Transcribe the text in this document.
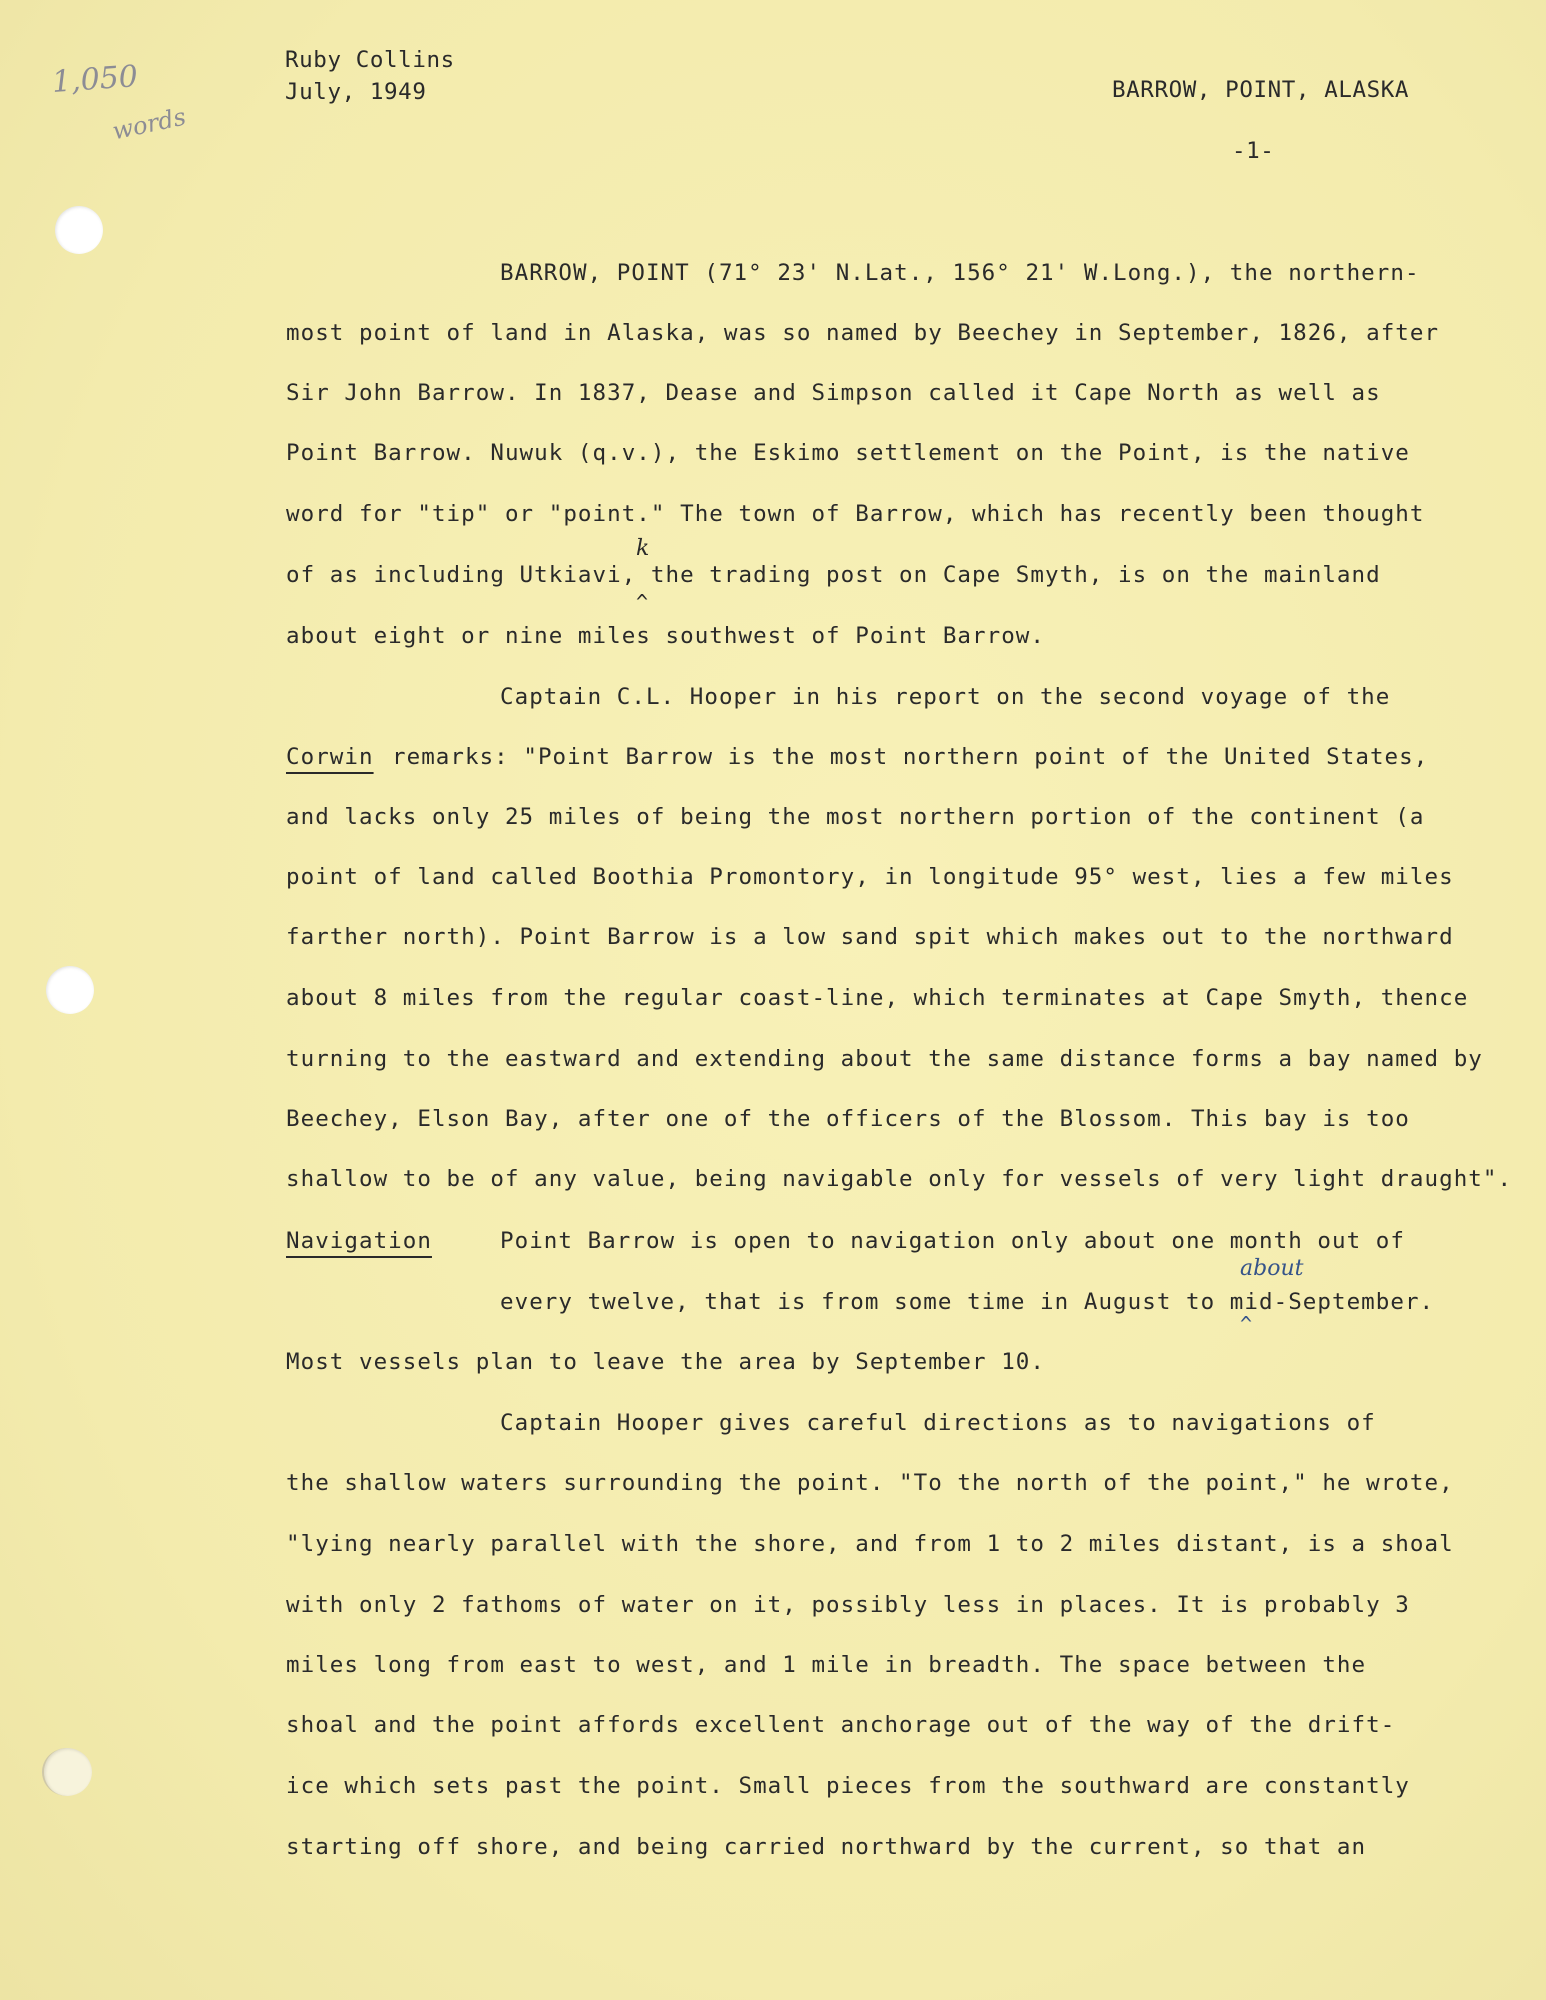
1,050
words
Ruby Collins
July, 1949	BARROW, POINT, ALASKA
-1-
BARROW, POINT (71° 23' N.Lat., 156° 21' W.Long.), the northern-
most point of land in Alaska, was so named by Beechey in September, 1826, after
Sir John Barrow. In 1837, Dease and Simpson called it Cape North as well as
Point Barrow. Nuwuk (q.v.), the Eskimo settlement on the Point, is the native
word for "tip" or "point." The town of Barrow, which has recently been thought
of as including Utkiavi, the trading post on Cape Smyth, is on the mainland
k
^
about eight or nine miles southwest of Point Barrow.
Captain C.L. Hooper in his report on the second voyage of the
Corwin remarks: "Point Barrow is the most northern point of the United States,
and lacks only 25 miles of being the most northern portion of the continent (a
point of land called Boothia Promontory, in longitude 95° west, lies a few miles
farther north). Point Barrow is a low sand spit which makes out to the northward
about 8 miles from the regular coast-line, which terminates at Cape Smyth, thence
turning to the eastward and extending about the same distance forms a bay named by
Beechey, Elson Bay, after one of the officers of the Blossom. This bay is too
shallow to be of any value, being navigable only for vessels of very light draught".
Navigation	Point Barrow is open to navigation only about one month out of
about
every twelve, that is from some time in August to mid-September.
^
Most vessels plan to leave the area by September 10.
Captain Hooper gives careful directions as to navigations of
the shallow waters surrounding the point. "To the north of the point," he wrote,
"lying nearly parallel with the shore, and from 1 to 2 miles distant, is a shoal
with only 2 fathoms of water on it, possibly less in places. It is probably 3
miles long from east to west, and 1 mile in breadth. The space between the
shoal and the point affords excellent anchorage out of the way of the drift-
ice which sets past the point. Small pieces from the southward are constantly
starting off shore, and being carried northward by the current, so that an
